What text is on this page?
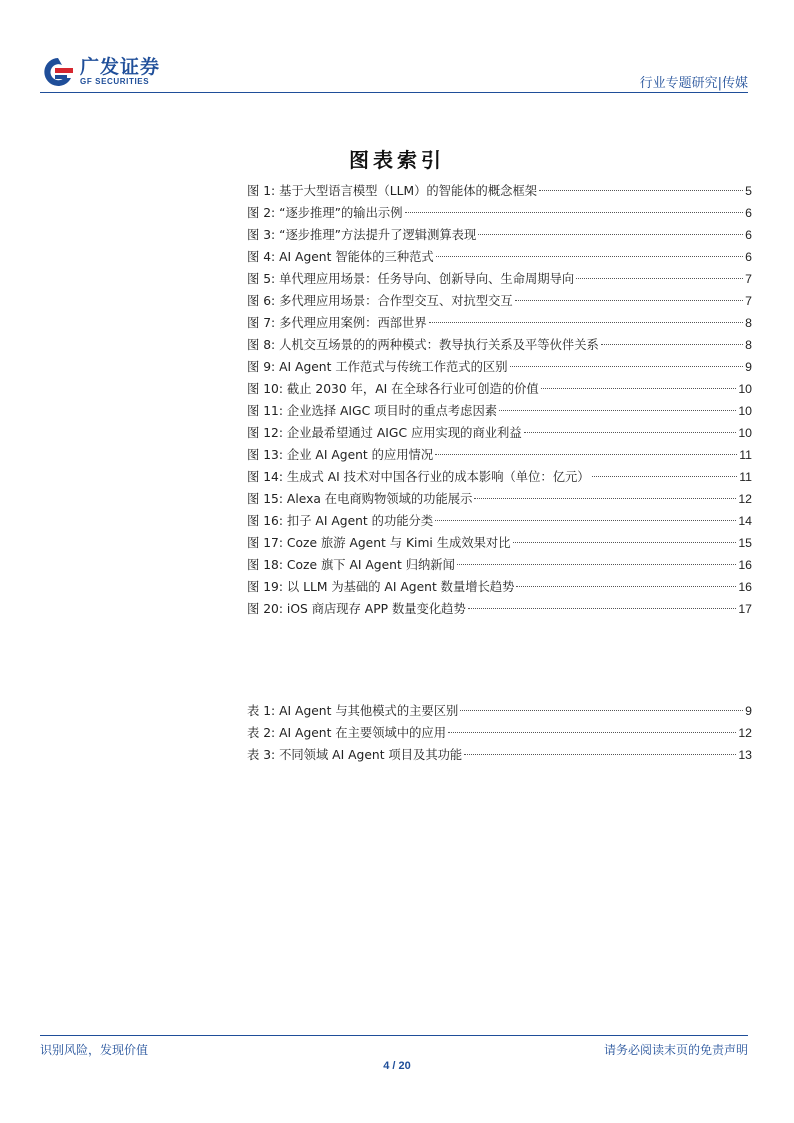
广发证券
GF SECURITIES	行业专题研究|传媒
图表索引
图 1: 基于大型语言模型（LLM）的智能体的概念框架	5
图 2: “逐步推理”的输出示例	6
图 3: “逐步推理”方法提升了逻辑测算表现	6
图 4: AI Agent 智能体的三种范式	6
图 5: 单代理应用场景：任务导向、创新导向、生命周期导向	7
图 6: 多代理应用场景：合作型交互、对抗型交互	7
图 7: 多代理应用案例：西部世界	8
图 8: 人机交互场景的的两种模式：教导执行关系及平等伙伴关系	8
图 9: AI Agent 工作范式与传统工作范式的区别	9
图 10: 截止 2030 年，AI 在全球各行业可创造的价值	10
图 11: 企业选择 AIGC 项目时的重点考虑因素	10
图 12: 企业最希望通过 AIGC 应用实现的商业利益	10
图 13: 企业 AI Agent 的应用情况	11
图 14: 生成式 AI 技术对中国各行业的成本影响（单位：亿元）	11
图 15: Alexa 在电商购物领域的功能展示	12
图 16: 扣子 AI Agent 的功能分类	14
图 17: Coze 旅游 Agent 与 Kimi 生成效果对比	15
图 18: Coze 旗下 AI Agent 归纳新闻	16
图 19: 以 LLM 为基础的 AI Agent 数量增长趋势	16
图 20: iOS 商店现存 APP 数量变化趋势	17
表 1: AI Agent 与其他模式的主要区别	9
表 2: AI Agent 在主要领域中的应用	12
表 3: 不同领域 AI Agent 项目及其功能	13
识别风险，发现价值	请务必阅读末页的免责声明
4 / 20
